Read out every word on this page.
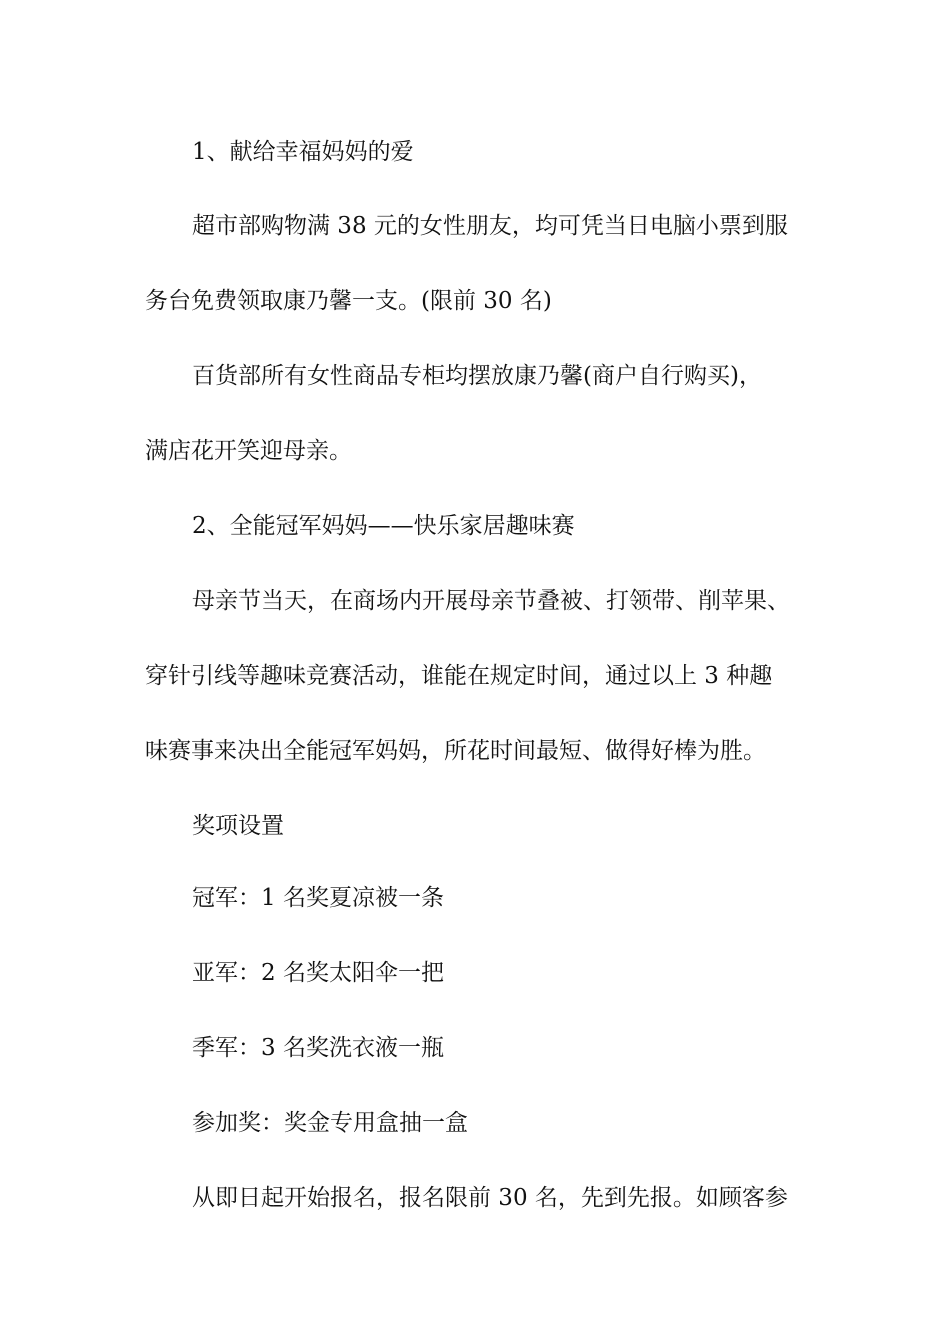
1、献给幸福妈妈的爱
超市部购物满 38 元的女性朋友，均可凭当日电脑小票到服
务台免费领取康乃馨一支。(限前 30 名)
百货部所有女性商品专柜均摆放康乃馨(商户自行购买)，
满店花开笑迎母亲。
2、全能冠军妈妈——快乐家居趣味赛
母亲节当天，在商场内开展母亲节叠被、打领带、削苹果、
穿针引线等趣味竞赛活动，谁能在规定时间，通过以上 3 种趣
味赛事来决出全能冠军妈妈，所花时间最短、做得好棒为胜。
奖项设置
冠军：1 名奖夏凉被一条
亚军：2 名奖太阳伞一把
季军：3 名奖洗衣液一瓶
参加奖：奖金专用盒抽一盒
从即日起开始报名，报名限前 30 名，先到先报。如顾客参
